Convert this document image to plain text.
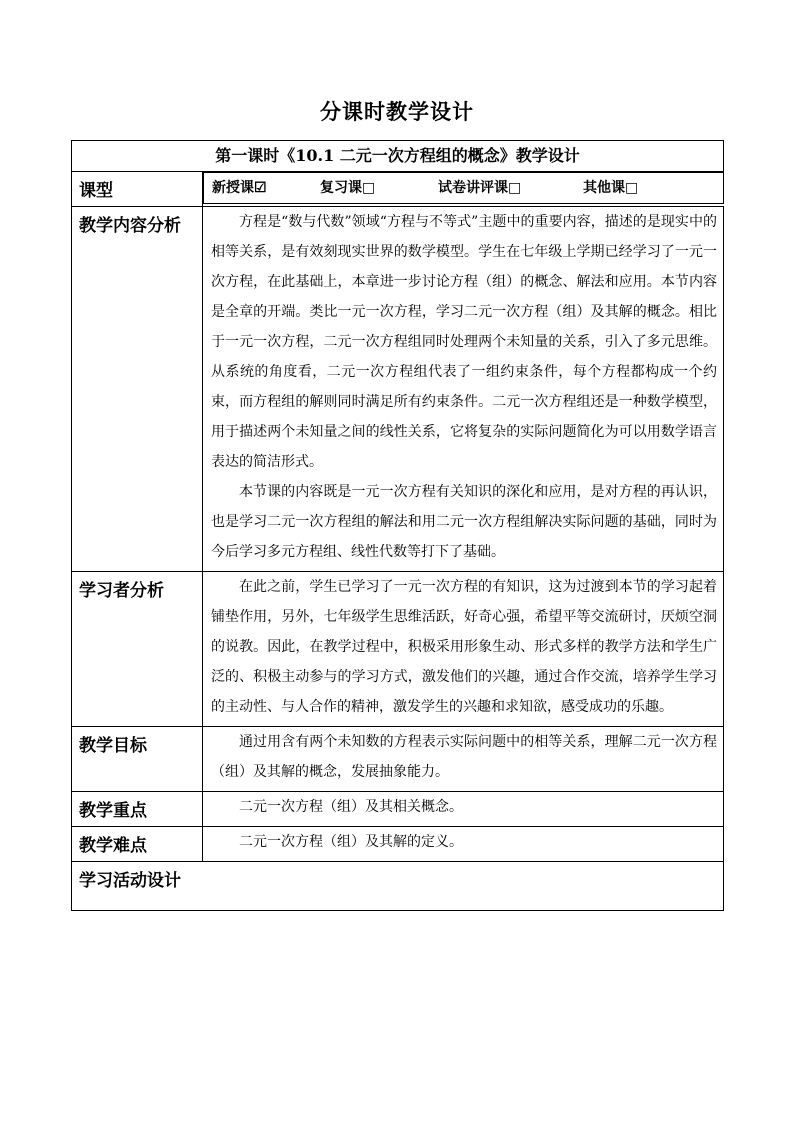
分课时教学设计
第一课时《10.1 二元一次方程组的概念》教学设计	
课型		新授课☑	复习课□	试卷讲评课□	其他课□

教学内容分析	方程是“数与代数”领域“方程与不等式”主题中的重要内容，描述的是现实中的相等关系，是有效刻现实世界的数学模型。学生在七年级上学期已经学习了一元一次方程，在此基础上，本章进一步讨论方程（组）的概念、解法和应用。本节内容是全章的开端。类比一元一次方程，学习二元一次方程（组）及其解的概念。相比于一元一次方程，二元一次方程组同时处理两个未知量的关系，引入了多元思维。从系统的角度看，二元一次方程组代表了一组约束条件，每个方程都构成一个约束，而方程组的解则同时满足所有约束条件。二元一次方程组还是一种数学模型，用于描述两个未知量之间的线性关系，它将复杂的实际问题简化为可以用数学语言表达的简洁形式。

本节课的内容既是一元一次方程有关知识的深化和应用，是对方程的再认识，也是学习二元一次方程组的解法和用二元一次方程组解决实际问题的基础，同时为今后学习多元方程组、线性代数等打下了基础。

学习者分析	在此之前，学生已学习了一元一次方程的有知识，这为过渡到本节的学习起着铺垫作用，另外，七年级学生思维活跃，好奇心强，希望平等交流研讨，厌烦空洞的说教。因此，在教学过程中，积极采用形象生动、形式多样的教学方法和学生广泛的、积极主动参与的学习方式，激发他们的兴趣，通过合作交流，培养学生学习的主动性、与人合作的精神，激发学生的兴趣和求知欲，感受成功的乐趣。

教学目标	通过用含有两个未知数的方程表示实际问题中的相等关系，理解二元一次方程（组）及其解的概念，发展抽象能力。

教学重点	二元一次方程（组）及其相关概念。

教学难点	二元一次方程（组）及其解的定义。

学习活动设计	
